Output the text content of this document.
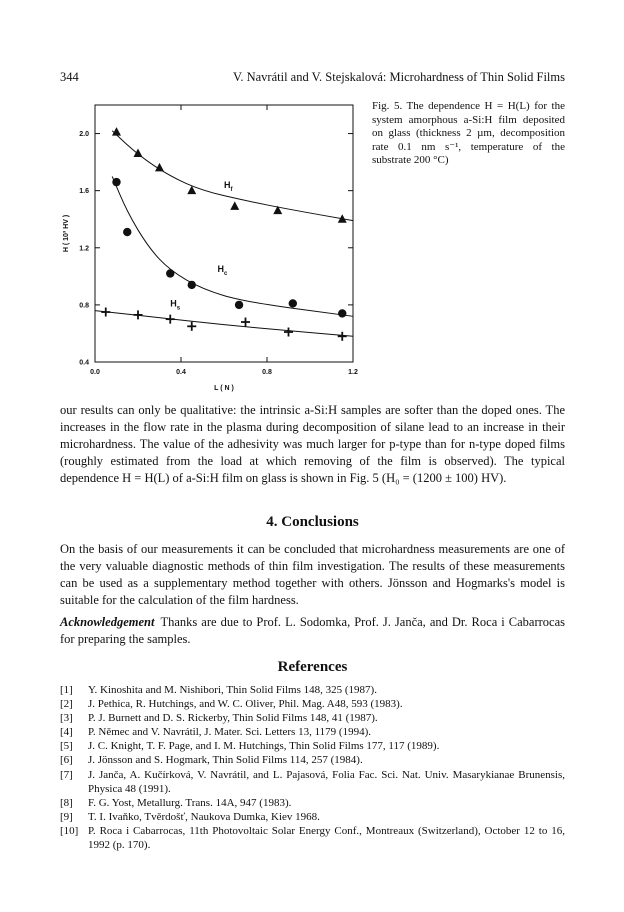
344	V. Navrátil and V. Stejskalová: Microhardness of Thin Solid Films
0.0	0.4	0.8	1.2
0.4
0.8
1.2
1.6
2.0
L ( N )
H ( 10³ HV )
$H_f$
$H_c$
$H_s$
Fig. 5. The dependence H = H(L) for the system amorphous a-Si:H film deposited on glass (thickness 2 µm, decomposition rate 0.1 nm s⁻¹, temperature of the substrate 200 °C)

our results can only be qualitative: the intrinsic a-Si:H samples are softer than the doped ones. The increases in the flow rate in the plasma during decomposition of silane lead to an increase in their microhardness. The value of the adhesivity was much larger for p-type than for n-type doped films (roughly estimated from the load at which removing of the film is observed). The typical dependence H = H(L) of a-Si:H film on glass is shown in Fig. 5 (H₀ = (1200 ± 100) HV).

4. Conclusions

On the basis of our measurements it can be concluded that microhardness measurements are one of the very valuable diagnostic methods of thin film investigation. The results of these measurements can be used as a supplementary method together with others. Jönsson and Hogmarks's model is suitable for the calculation of the film hardness.

Acknowledgement Thanks are due to Prof. L. Sodomka, Prof. J. Janča, and Dr. Roca i Cabarrocas for preparing the samples.

References
[1] Y. Kinoshita and M. Nishibori, Thin Solid Films 148, 325 (1987).
[2] J. Pethica, R. Hutchings, and W. C. Oliver, Phil. Mag. A48, 593 (1983).
[3] P. J. Burnett and D. S. Rickerby, Thin Solid Films 148, 41 (1987).
[4] P. Němec and V. Navrátil, J. Mater. Sci. Letters 13, 1179 (1994).
[5] J. C. Knight, T. F. Page, and I. M. Hutchings, Thin Solid Films 177, 117 (1989).
[6] J. Jönsson and S. Hogmark, Thin Solid Films 114, 257 (1984).
[7] J. Janča, A. Kučírková, V. Navrátil, and L. Pajasová, Folia Fac. Sci. Nat. Univ. Masarykianae Brunensis, Physica 48 (1991).
[8] F. G. Yost, Metallurg. Trans. 14A, 947 (1983).
[9] T. I. Ivaňko, Tvěrdošť, Naukova Dumka, Kiev 1968.
[10] P. Roca i Cabarrocas, 11th Photovoltaic Solar Energy Conf., Montreaux (Switzerland), October 12 to 16, 1992 (p. 170).
